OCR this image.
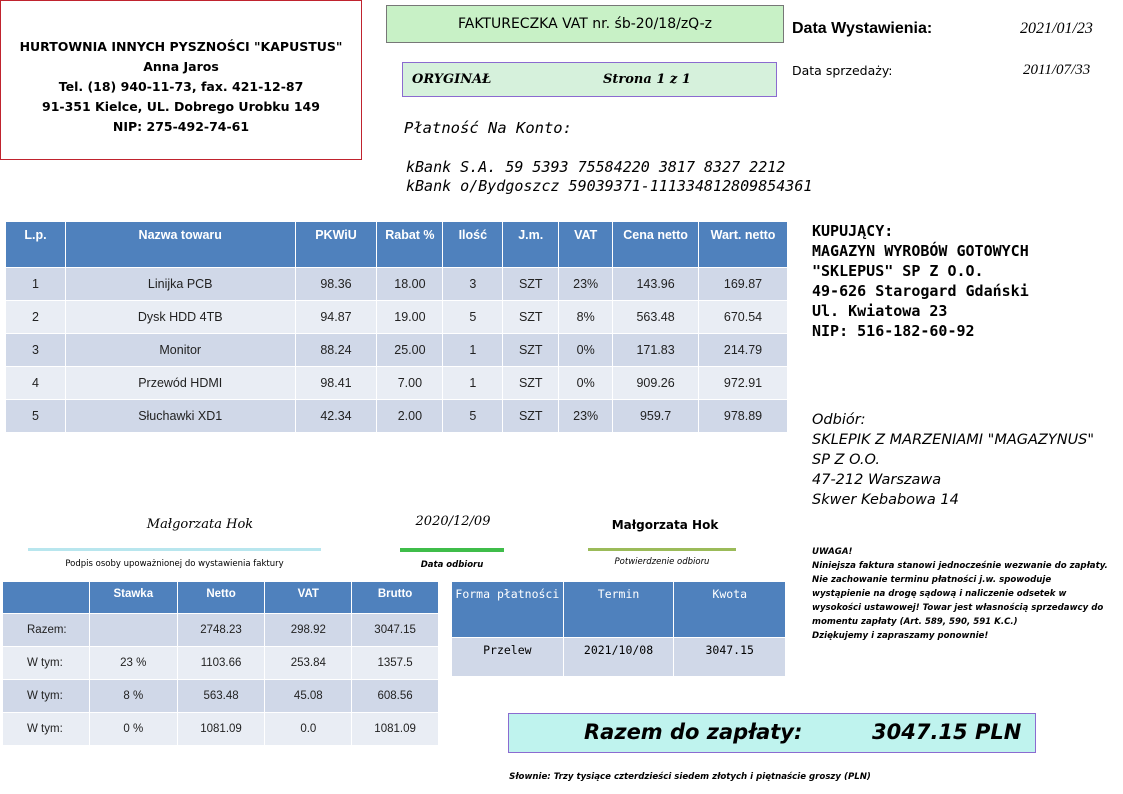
HURTOWNIA INNYCH PYSZNOŚCI "KAPUSTUS" Anna Jaros
Tel. (18) 940-11-73, fax. 421-12-87
91-351 Kielce, UL. Dobrego Urobku 149
NIP: 275-492-74-61
FAKTURECZKA VAT nr. śb-20/18/zQ-z
ORYGINAŁ	Strona 1 z 1
Data Wystawienia:	2021/01/23
Data sprzedaży:	2011/07/33
Płatność Na Konto:
kBank S.A. 59 5393 75584220 3817 8327 2212
kBank o/Bydgoszcz 59039371-111334812809854361
L.p.	Nazwa towaru	PKWiU	Rabat %	Ilość	J.m.	VAT	Cena netto	Wart. netto
1	Linijka PCB	98.36	18.00	3	SZT	23%	143.96	169.87
2	Dysk HDD 4TB	94.87	19.00	5	SZT	8%	563.48	670.54
3	Monitor	88.24	25.00	1	SZT	0%	171.83	214.79
4	Przewód HDMI	98.41	7.00	1	SZT	0%	909.26	972.91
5	Słuchawki XD1	42.34	2.00	5	SZT	23%	959.7	978.89
KUPUJĄCY:
MAGAZYN WYROBÓW GOTOWYCH
"SKLEPUS" SP Z O.O.
49-626 Starogard Gdański
Ul. Kwiatowa 23
NIP: 516-182-60-92
Odbiór:
SKLEPIK Z MARZENIAMI "MAGAZYNUS" SP Z O.O.
47-212 Warszawa
Skwer Kebabowa 14
Małgorzata Hok
Podpis osoby upoważnionej do wystawienia faktury
2020/12/09
Data odbioru
Małgorzata Hok
Potwierdzenie odbioru
UWAGA!
Niniejsza faktura stanowi jednocześnie wezwanie do zapłaty. Nie zachowanie terminu płatności j.w. spowoduje wystąpienie na drogę sądową i naliczenie odsetek w wysokości ustawowej! Towar jest własnością sprzedawcy do momentu zapłaty (Art. 589, 590, 591 K.C.)
Dziękujemy i zapraszamy ponownie!
	Stawka	Netto	VAT	Brutto
Razem:		2748.23	298.92	3047.15
W tym:	23 %	1103.66	253.84	1357.5
W tym:	8 %	563.48	45.08	608.56
W tym:	0 %	1081.09	0.0	1081.09
Forma płatności	Termin	Kwota
Przelew	2021/10/08	3047.15
Razem do zapłaty:	3047.15 PLN
Słownie: Trzy tysiące czterdzieści siedem złotych i piętnaście groszy (PLN)
